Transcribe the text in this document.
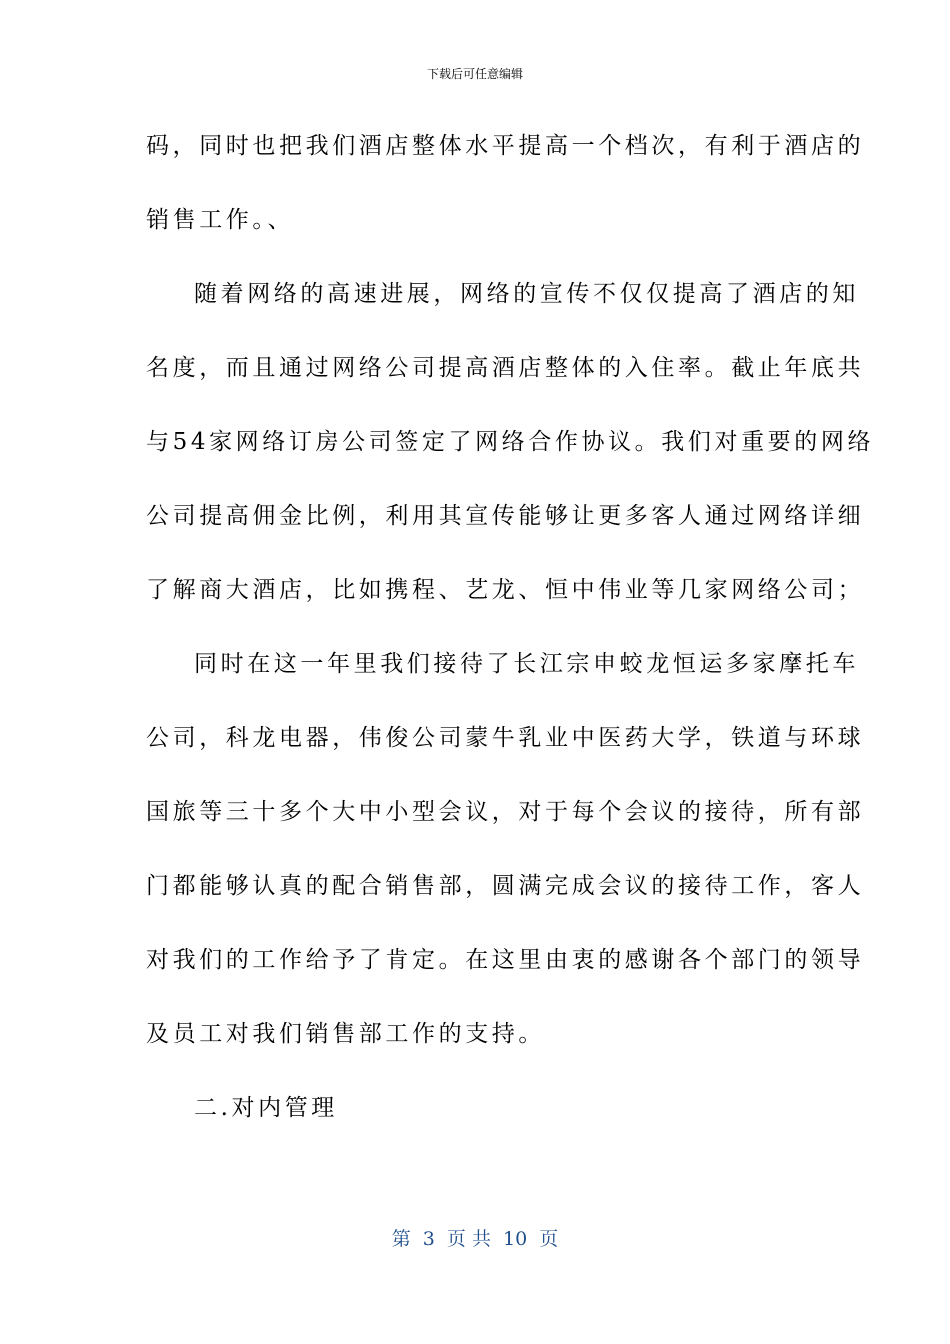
下载后可任意编辑
码，同时也把我们酒店整体水平提高一个档次，有利于酒店的
销售工作。、
随着网络的高速进展，网络的宣传不仅仅提高了酒店的知
名度，而且通过网络公司提高酒店整体的入住率。截止年底共
与54家网络订房公司签定了网络合作协议。我们对重要的网络
公司提高佣金比例，利用其宣传能够让更多客人通过网络详细
了解商大酒店，比如携程、艺龙、恒中伟业等几家网络公司；
同时在这一年里我们接待了长江宗申蛟龙恒运多家摩托车
公司，科龙电器，伟俊公司蒙牛乳业中医药大学，铁道与环球
国旅等三十多个大中小型会议，对于每个会议的接待，所有部
门都能够认真的配合销售部，圆满完成会议的接待工作，客人
对我们的工作给予了肯定。在这里由衷的感谢各个部门的领导
及员工对我们销售部工作的支持。
二.对内管理
第  3  页 共  10  页
